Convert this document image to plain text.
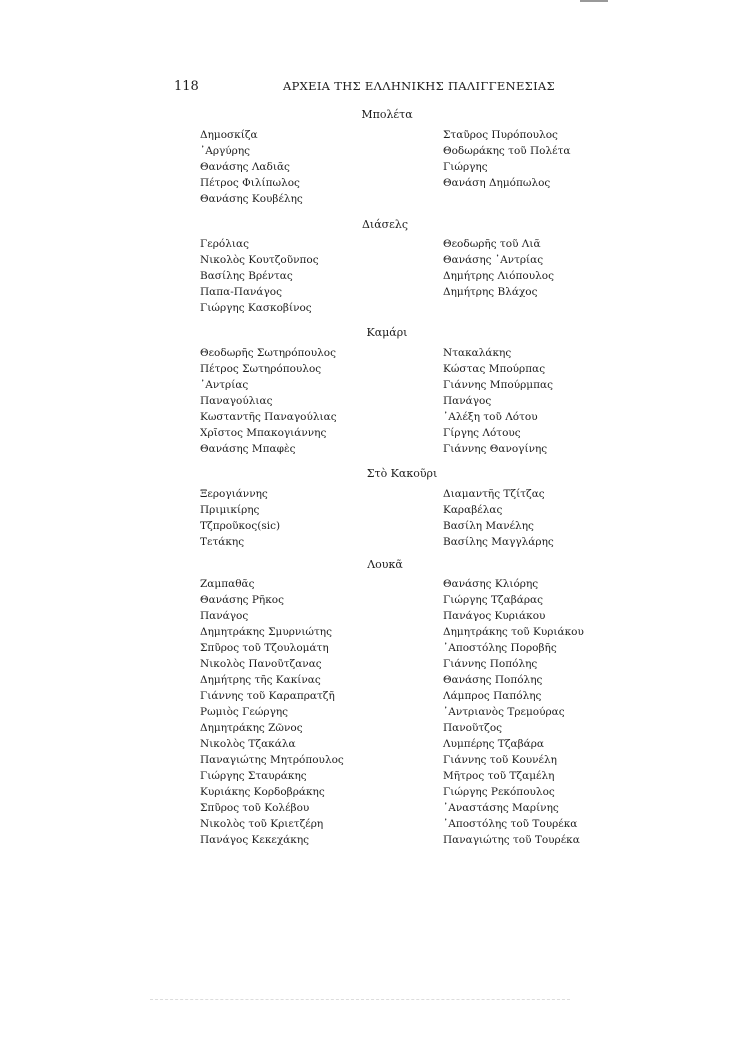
118	ΑΡΧΕΙΑ ΤΗΣ ΕΛΛΗΝΙΚΗΣ ΠΑΛΙΓΓΕΝΕΣΙΑΣ
Μπολέτα
Δημοσκίζα
᾿Αργύρης
Θανάσης Λαδιᾶς
Πέτρος Φιλίπωλος
Θανάσης Κουβέλης
Σταῦρος Πυρόπουλος
Θοδωράκης τοῦ Πολέτα
Γιώργης
Θανάση Δημόπωλος
Διάσελς
Γερόλιας
Νικολὸς Κουτζοῦνπος
Βασίλης Βρέντας
Παπα-Πανάγος
Γιώργης Κασκοβίνος
Θεοδωρῆς τοῦ Λιᾶ
Θανάσης ᾿Αντρίας
Δημήτρης Λιόπουλος
Δημήτρης Βλάχος
Καμάρι
Θεοδωρῆς Σωτηρόπουλος
Πέτρος Σωτηρόπουλος
᾿Αντρίας
Παναγούλιας
Κωσταντῆς Παναγούλιας
Χρῖστος Μπακογιάννης
Θανάσης Μπαφὲς
Ντακαλάκης
Κώστας Μπούρπας
Γιάννης Μπούρμπας
Πανάγος
᾿Αλέξη τοῦ Λότου
Γίργης Λότους
Γιάννης Θανογίνης
Στὸ Κακοῦρι
Ξερογιάννης
Πριμικίρης
Τζπροῦκος(sic)
Τετάκης
Διαμαντῆς Τζίτζας
Καραβέλας
Βασίλη Μανέλης
Βασίλης Μαγγλάρης
Λουκᾶ
Ζαμπαθᾶς
Θανάσης Ρῆκος
Πανάγος
Δημητράκης Σμυρνιώτης
Σπῦρος τοῦ Τζουλομάτη
Νικολὸς Πανοῦτζανας
Δημήτρης τῆς Κακίνας
Γιάννης τοῦ Καραπρατζῆ
Ρωμιὸς Γεώργης
Δημητράκης Ζῶνος
Νικολὸς Τζακάλα
Παναγιώτης Μητρόπουλος
Γιώργης Σταυράκης
Κυριάκης Κορδοβράκης
Σπῦρος τοῦ Κολέβου
Νικολὸς τοῦ Κριετζέρη
Πανάγος Κεκεχάκης
Θανάσης Κλιόρης
Γιώργης Τζαβάρας
Πανάγος Κυριάκου
Δημητράκης τοῦ Κυριάκου
᾿Αποστόλης Ποροβῆς
Γιάννης Ποπόλης
Θανάσης Ποπόλης
Λάμπρος Παπόλης
᾿Αντριανὸς Τρεμούρας
Πανοῦτζος
Λυμπέρης Τζαβάρα
Γιάννης τοῦ Κουνέλη
Μῆτρος τοῦ Τζαμέλη
Γιώργης Ρεκόπουλος
᾿Αναστάσης Μαρίνης
᾿Αποστόλης τοῦ Τουρέκα
Παναγιώτης τοῦ Τουρέκα
